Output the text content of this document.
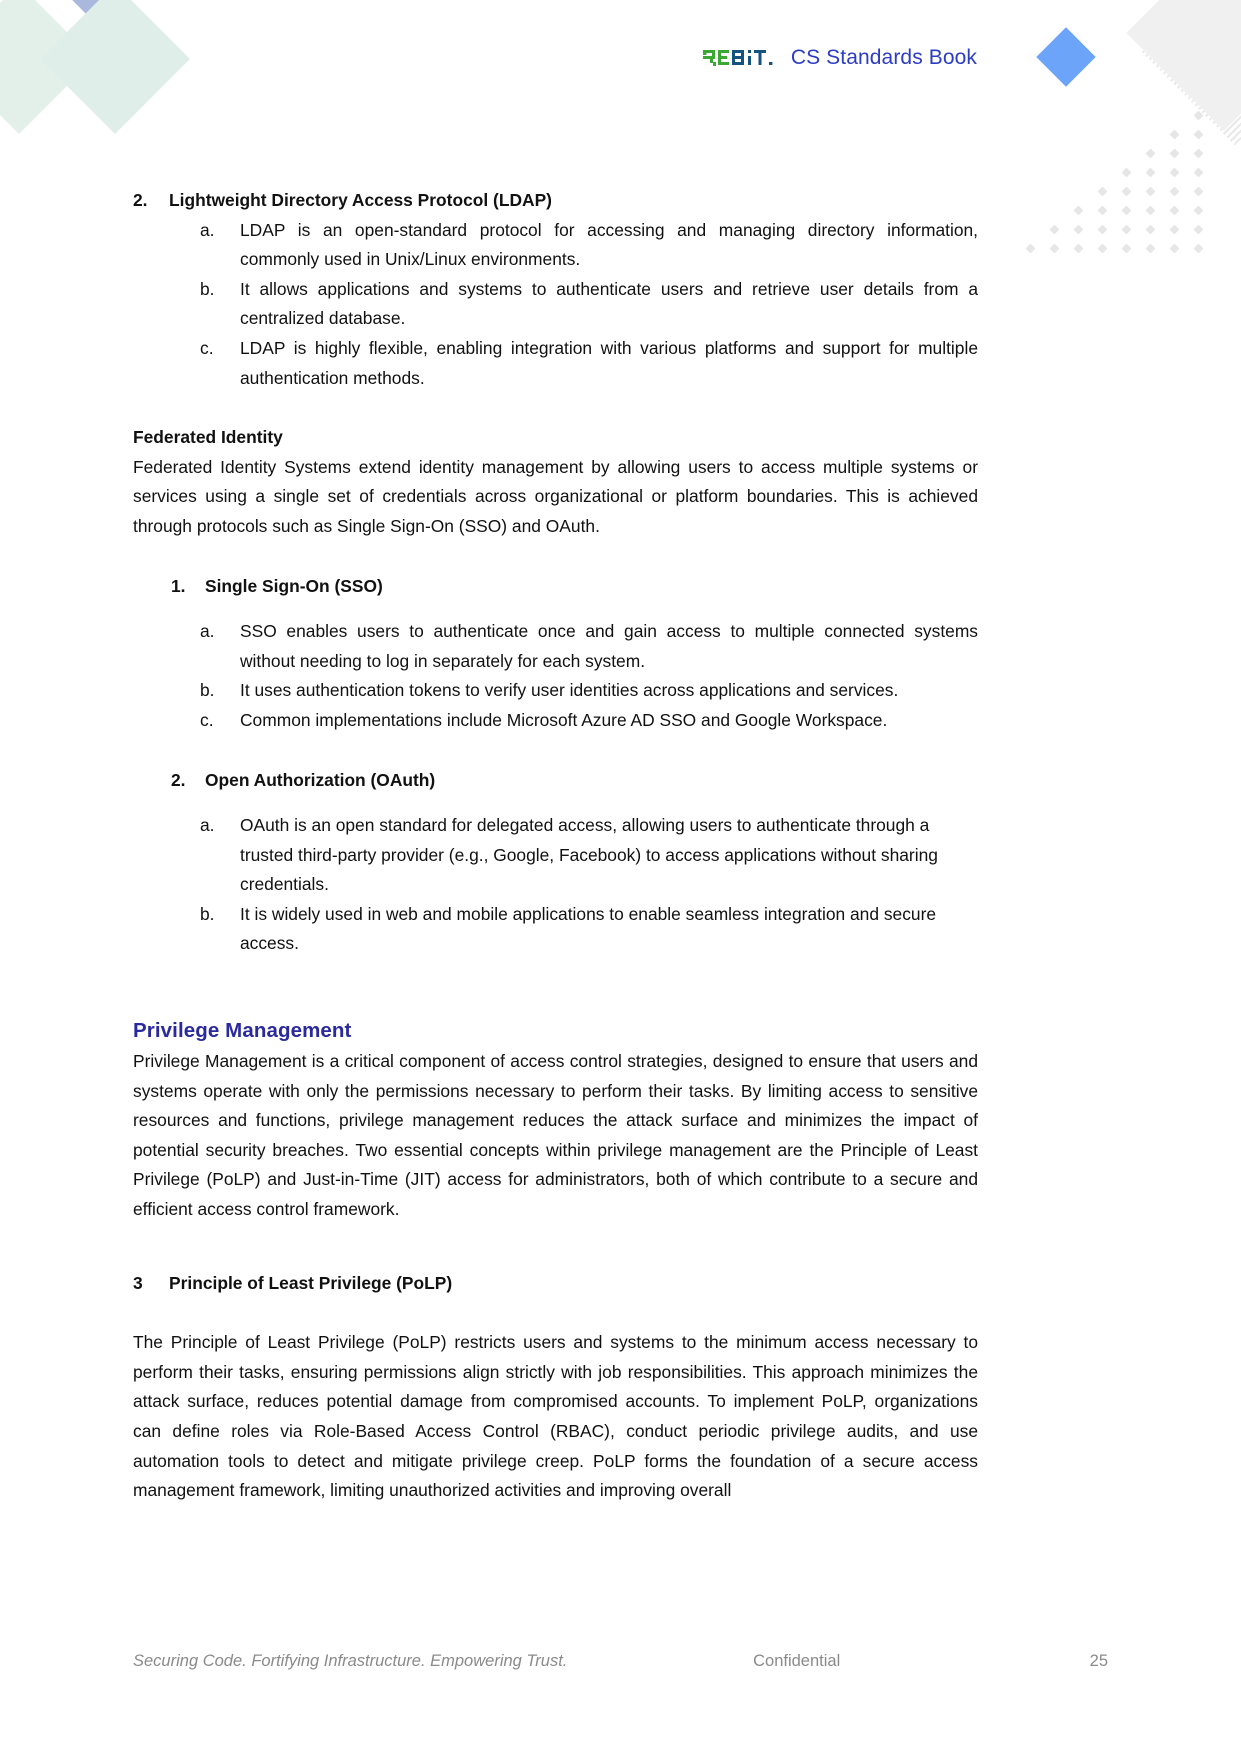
CS Standards Book
2.	Lightweight Directory Access Protocol (LDAP)
a.	LDAP is an open-standard protocol for accessing and managing directory information, commonly used in Unix/Linux environments.
b.	It allows applications and systems to authenticate users and retrieve user details from a centralized database.
c.	LDAP is highly flexible, enabling integration with various platforms and support for multiple authentication methods.
Federated Identity

Federated Identity Systems extend identity management by allowing users to access multiple systems or services using a single set of credentials across organizational or platform boundaries. This is achieved through protocols such as Single Sign-On (SSO) and OAuth.

1.	Single Sign-On (SSO)
a.	SSO enables users to authenticate once and gain access to multiple connected systems without needing to log in separately for each system.
b.	It uses authentication tokens to verify user identities across applications and services.
c.	Common implementations include Microsoft Azure AD SSO and Google Workspace.
2.	Open Authorization (OAuth)
a.	OAuth is an open standard for delegated access, allowing users to authenticate through a trusted third-party provider (e.g., Google, Facebook) to access applications without sharing credentials.
b.	It is widely used in web and mobile applications to enable seamless integration and secure access.
Privilege Management

Privilege Management is a critical component of access control strategies, designed to ensure that users and systems operate with only the permissions necessary to perform their tasks. By limiting access to sensitive resources and functions, privilege management reduces the attack surface and minimizes the impact of potential security breaches. Two essential concepts within privilege management are the Principle of Least Privilege (PoLP) and Just-in-Time (JIT) access for administrators, both of which contribute to a secure and efficient access control framework.

3	Principle of Least Privilege (PoLP)

The Principle of Least Privilege (PoLP) restricts users and systems to the minimum access necessary to perform their tasks, ensuring permissions align strictly with job responsibilities. This approach minimizes the attack surface, reduces potential damage from compromised accounts. To implement PoLP, organizations can define roles via Role-Based Access Control (RBAC), conduct periodic privilege audits, and use automation tools to detect and mitigate privilege creep. PoLP forms the foundation of a secure access management framework, limiting unauthorized activities and improving overall

Securing Code. Fortifying Infrastructure. Empowering Trust.	Confidential	25
